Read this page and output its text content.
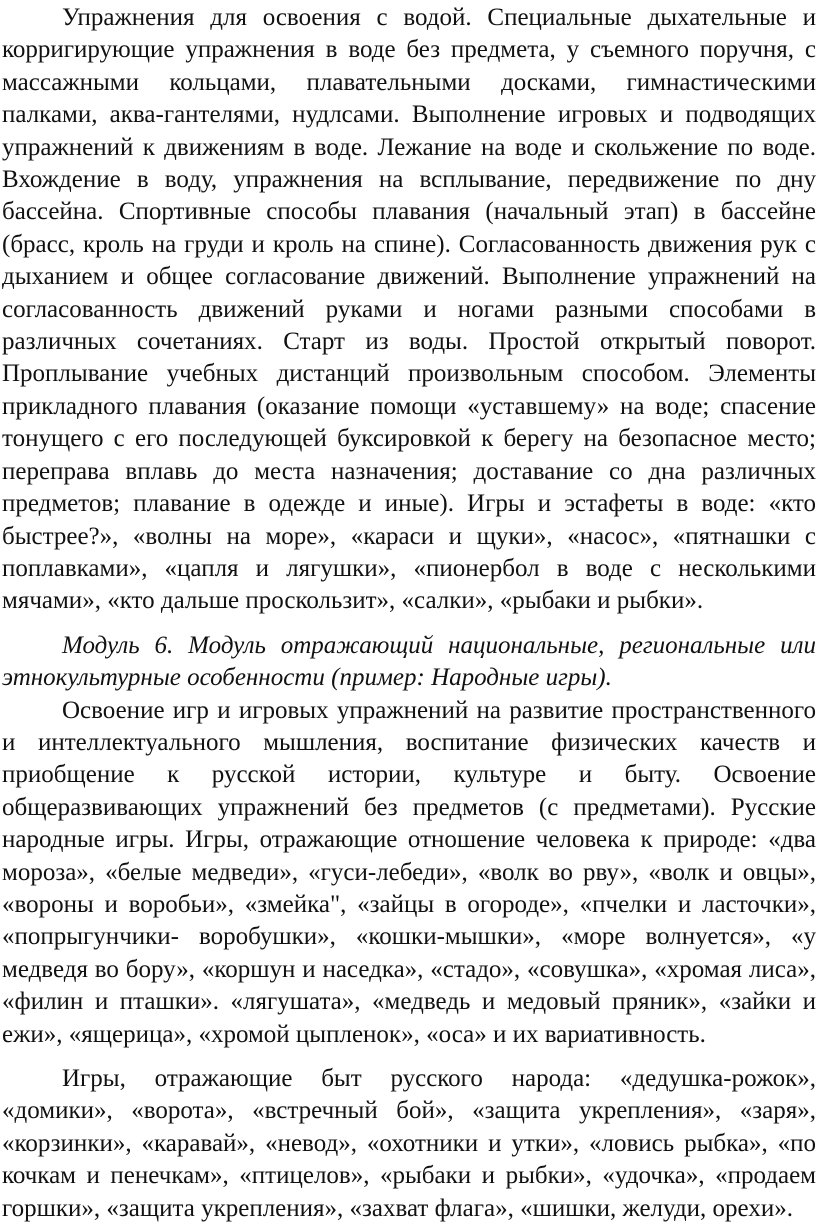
Упражнения для освоения с водой. Специальные дыхательные и корригирующие упражнения в воде без предмета, у съемного поручня, с массажными кольцами, плавательными досками, гимнастическими палками, аква-гантелями, нудлсами. Выполнение игровых и подводящих упражнений к движениям в воде. Лежание на воде и скольжение по воде. Вхождение в воду, упражнения на всплывание, передвижение по дну бассейна. Спортивные способы плавания (начальный этап) в бассейне (брасс, кроль на груди и кроль на спине). Согласованность движения рук с дыханием и общее согласование движений. Выполнение упражнений на согласованность движений руками и ногами разными способами в различных сочетаниях. Старт из воды. Простой открытый поворот. Проплывание учебных дистанций произвольным способом. Элементы прикладного плавания (оказание помощи «уставшему» на воде; спасение тонущего с его последующей буксировкой к берегу на безопасное место; переправа вплавь до места назначения; доставание со дна различных предметов; плавание в одежде и иные). Игры и эстафеты в воде: «кто быстрее?», «волны на море», «караси и щуки», «насос», «пятнашки с поплавками», «цапля и лягушки», «пионербол в воде с несколькими мячами», «кто дальше проскользит», «салки», «рыбаки и рыбки».

Модуль 6. Модуль отражающий национальные, региональные или этнокультурные особенности (пример: Народные игры).

Освоение игр и игровых упражнений на развитие пространственного и интеллектуального мышления, воспитание физических качеств и приобщение к русской истории, культуре и быту. Освоение общеразвивающих упражнений без предметов (с предметами). Русские народные игры. Игры, отражающие отношение человека к природе: «два мороза», «белые медведи», «гуси-лебеди», «волк во рву», «волк и овцы», «вороны и воробьи», «змейка", «зайцы в огороде», «пчелки и ласточки», «попрыгунчики- воробушки», «кошки-мышки», «море волнуется», «у медведя во бору», «коршун и наседка», «стадо», «совушка», «хромая лиса», «филин и пташки». «лягушата», «медведь и медовый пряник», «зайки и ежи», «ящерица», «хромой цыпленок», «оса» и их вариативность.

Игры, отражающие быт русского народа: «дедушка-рожок», «домики», «ворота», «встречный бой», «защита укрепления», «заря», «корзинки», «каравай», «невод», «охотники и утки», «ловись рыбка», «по кочкам и пенечкам», «птицелов», «рыбаки и рыбки», «удочка», «продаем горшки», «защита укрепления», «захват флага», «шишки, желуди, орехи».
